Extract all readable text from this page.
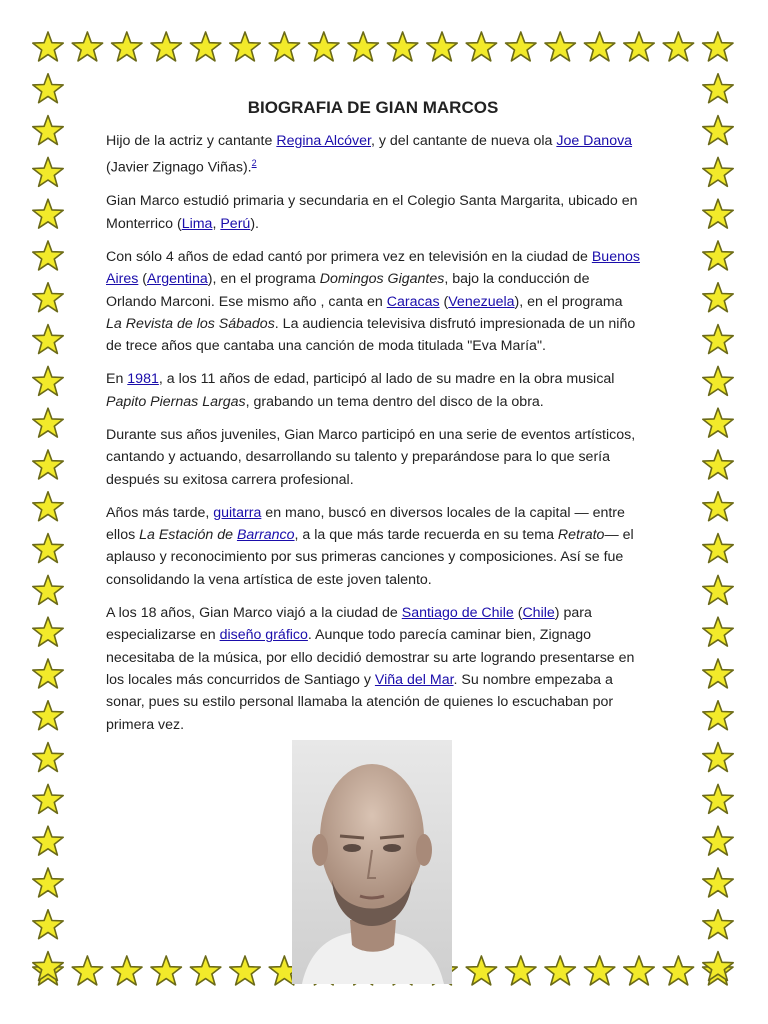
BIOGRAFIA DE GIAN MARCOS

Hijo de la actriz y cantante Regina Alcóver, y del cantante de nueva ola Joe Danova (Javier Zignago Viñas).$^2$

Gian Marco estudió primaria y secundaria en el Colegio Santa Margarita, ubicado en Monterrico (Lima, Perú).

Con sólo 4 años de edad cantó por primera vez en televisión en la ciudad de Buenos Aires (Argentina), en el programa Domingos Gigantes, bajo la conducción de Orlando Marconi. Ese mismo año , canta en Caracas (Venezuela), en el programa La Revista de los Sábados. La audiencia televisiva disfrutó impresionada de un niño de trece años que cantaba una canción de moda titulada "Eva María".

En 1981, a los 11 años de edad, participó al lado de su madre en la obra musical Papito Piernas Largas, grabando un tema dentro del disco de la obra.

Durante sus años juveniles, Gian Marco participó en una serie de eventos artísticos, cantando y actuando, desarrollando su talento y preparándose para lo que sería después su exitosa carrera profesional.

Años más tarde, guitarra en mano, buscó en diversos locales de la capital — entre ellos La Estación de Barranco, a la que más tarde recuerda en su tema Retrato— el aplauso y reconocimiento por sus primeras canciones y composiciones. Así se fue consolidando la vena artística de este joven talento.

A los 18 años, Gian Marco viajó a la ciudad de Santiago de Chile (Chile) para especializarse en diseño gráfico. Aunque todo parecía caminar bien, Zignago necesitaba de la música, por ello decidió demostrar su arte logrando presentarse en los locales más concurridos de Santiago y Viña del Mar. Su nombre empezaba a sonar, pues su estilo personal llamaba la atención de quienes lo escuchaban por primera vez.
